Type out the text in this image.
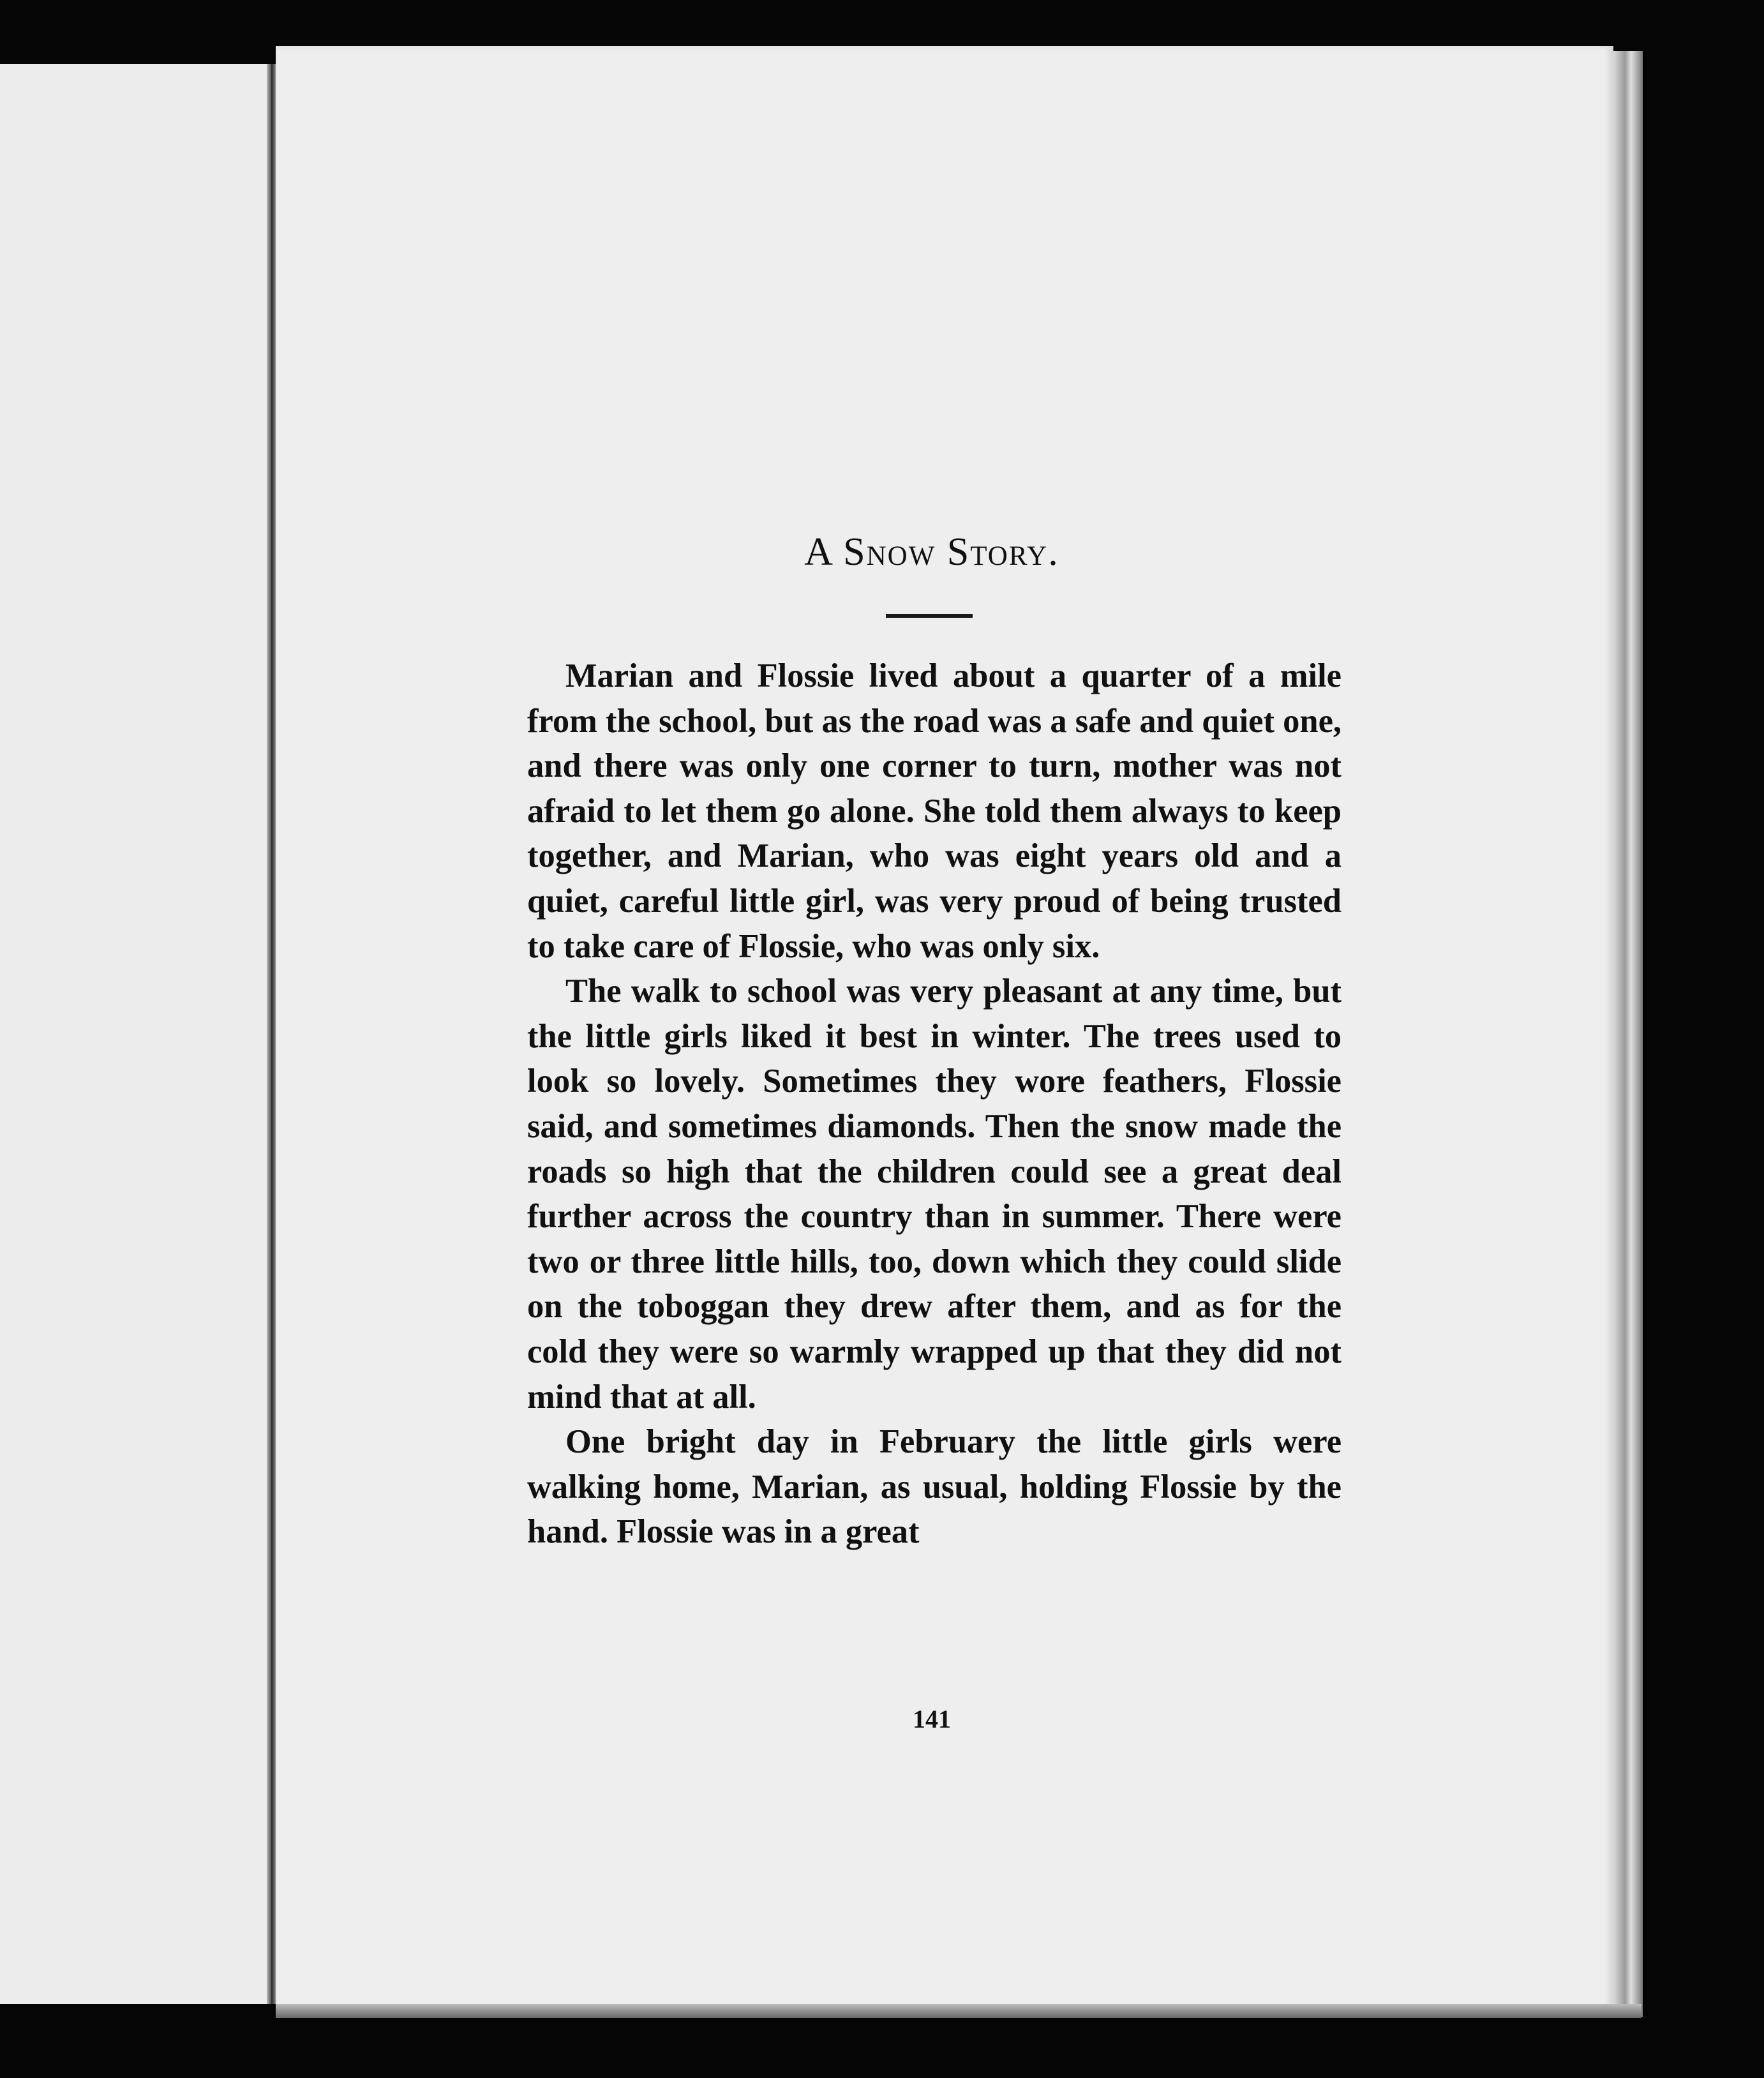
A Snow Story.

Marian and Flossie lived about a quarter of a mile from the school, but as the road was a safe and quiet one, and there was only one corner to turn, mother was not afraid to let them go alone. She told them always to keep together, and Marian, who was eight years old and a quiet, careful little girl, was very proud of being trusted to take care of Flossie, who was only six.

The walk to school was very pleasant at any time, but the little girls liked it best in winter. The trees used to look so lovely. Sometimes they wore feathers, Flossie said, and sometimes diamonds. Then the snow made the roads so high that the children could see a great deal further across the country than in summer. There were two or three little hills, too, down which they could slide on the toboggan they drew after them, and as for the cold they were so warmly wrapped up that they did not mind that at all.

One bright day in February the little girls were walking home, Marian, as usual, holding Flossie by the hand. Flossie was in a great

141
